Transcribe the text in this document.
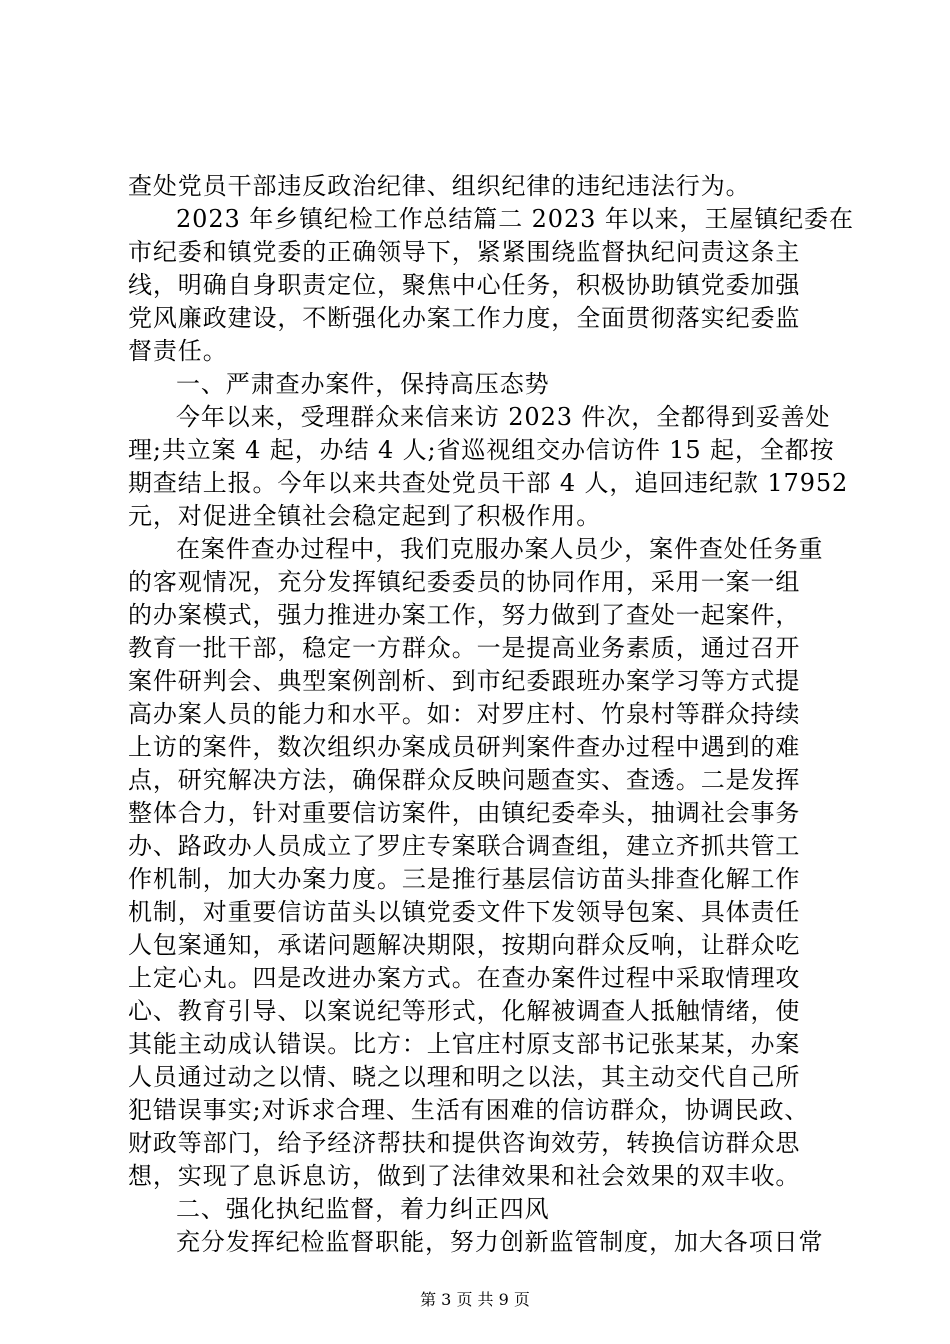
查处党员干部违反政治纪律、组织纪律的违纪违法行为。
2023 年乡镇纪检工作总结篇二 2023 年以来，王屋镇纪委在
市纪委和镇党委的正确领导下，紧紧围绕监督执纪问责这条主
线，明确自身职责定位，聚焦中心任务，积极协助镇党委加强
党风廉政建设，不断强化办案工作力度，全面贯彻落实纪委监
督责任。
一、严肃查办案件，保持高压态势
今年以来，受理群众来信来访 2023 件次，全都得到妥善处
理;共立案 4 起，办结 4 人;省巡视组交办信访件 15 起，全都按
期查结上报。今年以来共查处党员干部 4 人，追回违纪款 17952
元，对促进全镇社会稳定起到了积极作用。
在案件查办过程中，我们克服办案人员少，案件查处任务重
的客观情况，充分发挥镇纪委委员的协同作用，采用一案一组
的办案模式，强力推进办案工作，努力做到了查处一起案件，
教育一批干部，稳定一方群众。一是提高业务素质，通过召开
案件研判会、典型案例剖析、到市纪委跟班办案学习等方式提
高办案人员的能力和水平。如：对罗庄村、竹泉村等群众持续
上访的案件，数次组织办案成员研判案件查办过程中遇到的难
点，研究解决方法，确保群众反映问题查实、查透。二是发挥
整体合力，针对重要信访案件，由镇纪委牵头，抽调社会事务
办、路政办人员成立了罗庄专案联合调查组，建立齐抓共管工
作机制，加大办案力度。三是推行基层信访苗头排查化解工作
机制，对重要信访苗头以镇党委文件下发领导包案、具体责任
人包案通知，承诺问题解决期限，按期向群众反响，让群众吃
上定心丸。四是改进办案方式。在查办案件过程中采取情理攻
心、教育引导、以案说纪等形式，化解被调查人抵触情绪，使
其能主动成认错误。比方：上官庄村原支部书记张某某，办案
人员通过动之以情、晓之以理和明之以法，其主动交代自己所
犯错误事实;对诉求合理、生活有困难的信访群众，协调民政、
财政等部门，给予经济帮扶和提供咨询效劳，转换信访群众思
想，实现了息诉息访，做到了法律效果和社会效果的双丰收。
二、强化执纪监督，着力纠正四风
第 3 页 共 9 页
充分发挥纪检监督职能，努力创新监管制度，加大各项日常
